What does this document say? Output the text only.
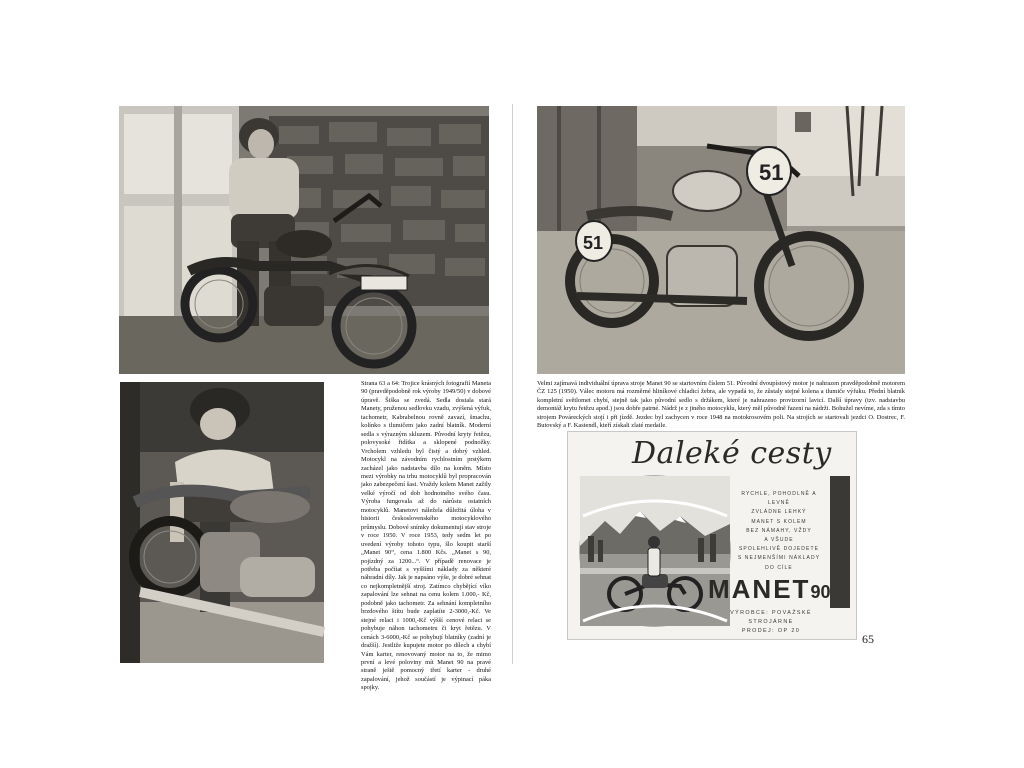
51
51
Strana 63 a 64: Trojice krásných fotografií Maneta 90 (pravděpodobně rok výroby 1949/50) v dobové úpravě. Šiška se zvedá. Sedla dostala stará Manety, pruženou sedlovku vzadu, zvýšená výfuk, tachometr, Kabrabelnou rovně zavazí, šmachu, kolínko s tlumičem jako zadní blatník. Moderní sedla s výrazným skluzem. Původní kryty řetězu, polovysoké řidítka a sklopené podnožky. Vrcholem vzhledu byl čistý a dobrý vzhled. Motocykl na závodním rychlostním prstýkem zacházel jako nadstavba dílo na koněm. Místo mezi výrobky na trhu motocyklů byl propracován jako zabezpečení šasi. Vraždy kolem Manet zažily velké výročí od dob hodnotného svého času. Výroba fungovala až do nárůstu ostatních motocyklů. Manetovi náležela důležitá úloha v historii československého motocyklového průmyslu. Dobové snímky dokumentují stav stroje v roce 1950. V roce 1953, tedy sedm let po uvedení výroby tohoto typu, šlo koupit starší „Manet 90“, cena 1.800 Kčs. „Manet s 90, pojízdný za 1200...“. V případě renovace je potřeba počítat s vyššími náklady za některé náhradní díly. Jak je napsáno výše, je dobré sehnat co nejkompletnější stroj. Zatímco chybějící víko zapalování lze sehnat na cenu kolem 1.000,- Kč, podobně jako tachometr. Za sehnání kompletního brzdového štítu bude zaplatíte 2-3000,-Kč. Ve stejné relaci i 1000,-Kč výšší cenové relaci se pohybuje náhon tachometru či kryt řetězu. V cenách 3-6000,-Kč se pohybují blatníky (zadní je dražší). Jestliže kupujete motor po dílech a chybí Vám karter, renovovaný motor na to, že mimo první a levé poloviny mít Manet 90 na pravé straně ještě pomocný třetí karter - druhé zapalování, jehož součástí je výpinací páka spojky.
Velmi zajímavá individuální úprava stroje Manet 90 se startovním číslem 51. Původní dvoupístový motor je nahrazen pravděpodobně motorem ČZ 125 (1950). Válec motoru má rozměrné hliníkové chladicí žebra, ale vypadá to, že zůstaly stejné kolena a tlumiče výfuku. Přední blatník kompletní světlomet chybí, stejně tak jako původní sedlo s držákem, které je nahrazeno provizorní lavicí. Další úpravy (tzv. nadstavbu demontáž krytu řetězu apod.) jsou dobře patrné. Nádrž je z jiného motocyklu, který měl původně řazení na nádrži. Bohužel nevíme, zda s tímto strojem Pováreckých stojí i při jízdě. Jezdec byl zachycen v roce 1948 na motokrosovém poli. Na strojích se startovali jezdci O. Dostrec, F. Butovský a F. Kastendl, kteří získali zlaté medaile.
Daleké cesty
RYCHLE, POHODLNĚ A LEVNĚ
ZVLÁDNE LEHKÝ
MANET S KOLEM
BEZ NÁMAHY, VŽDY
A VŠUDE
SPOLEHLIVĚ DOJEDETE
S NEJMENŠÍMI NÁKLADY
DO CÍLE
MANET90
VÝROBCE: POVAŽSKÉ STROJÁRNE
PRODEJ: OP 20
65
